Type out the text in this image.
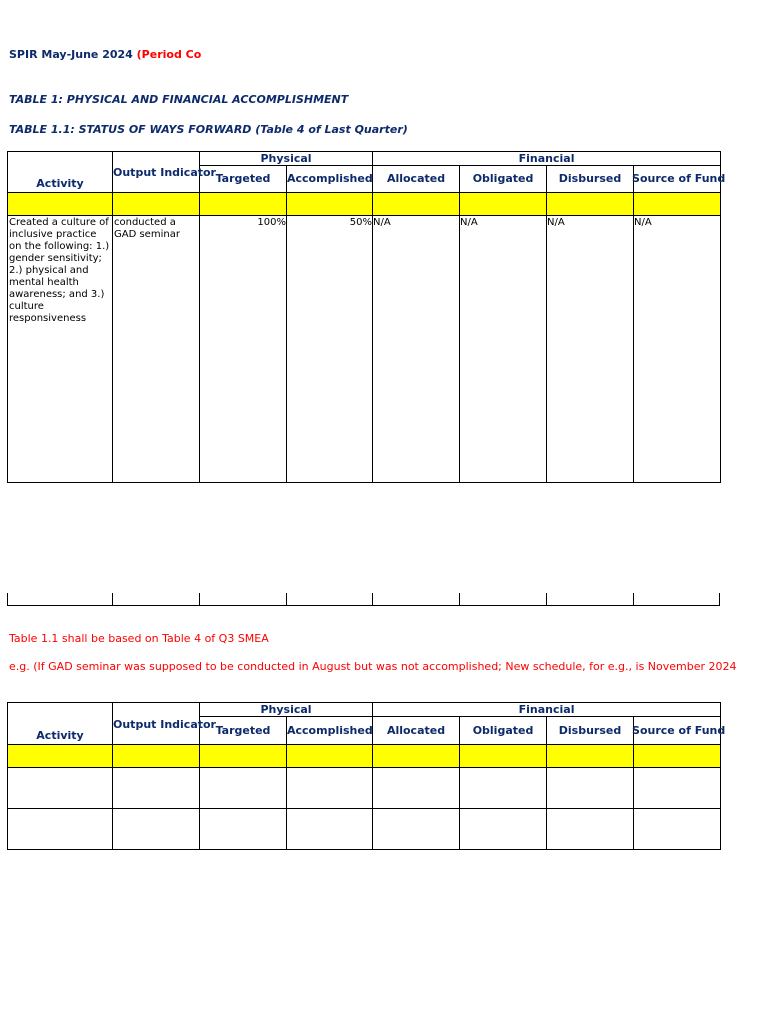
SPIR May-June 2024 (Period Co
TABLE 1: PHYSICAL AND FINANCIAL ACCOMPLISHMENT
TABLE 1.1: STATUS OF WAYS FORWARD (Table 4 of Last Quarter)
Activity	Output Indicator	Physical		Financial			
		Targeted	Accomplished	Allocated	Obligated	Disbursed	Source of Fund

Created a culture of inclusive practice on the following: 1.) gender sensitivity; 2.) physical and mental health awareness; and 3.) culture responsiveness	conducted a GAD seminar	100%	50%	N/A	N/A	N/A	N/A
Table 1.1 shall be based on Table 4 of Q3 SMEA
e.g. (If GAD seminar was supposed to be conducted in August but was not accomplished; New schedule, for e.g., is November 2024
Activity	Output Indicator	Physical		Financial			
		Targeted	Accomplished	Allocated	Obligated	Disbursed	Source of Fund
